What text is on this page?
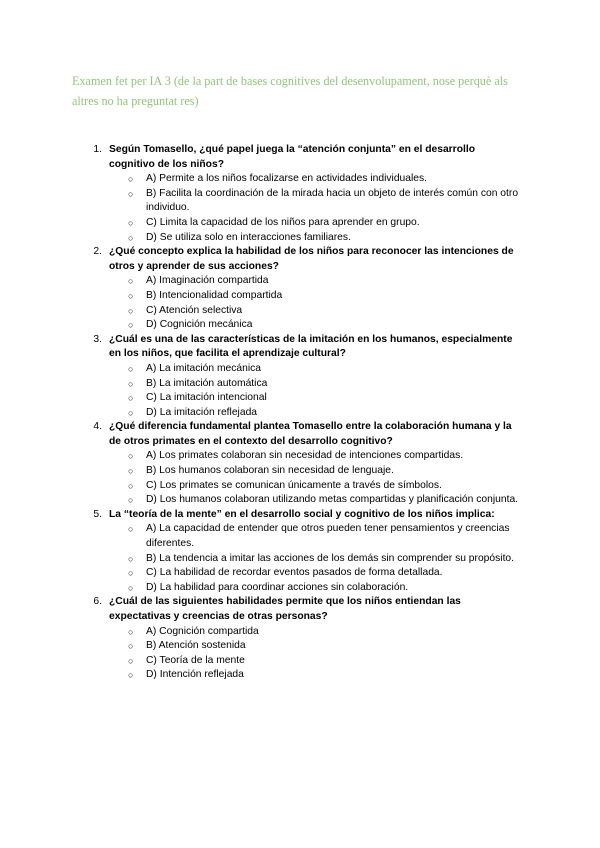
Examen fet per IA 3 (de la part de bases cognitives del desenvolupament, nose perquè als altres no ha preguntat res)
1. Según Tomasello, ¿qué papel juega la “atención conjunta” en el desarrollo cognitivo de los niños?
○ A) Permite a los niños focalizarse en actividades individuales.
○ B) Facilita la coordinación de la mirada hacia un objeto de interés común con otro individuo.
○ C) Limita la capacidad de los niños para aprender en grupo.
○ D) Se utiliza solo en interacciones familiares.
2. ¿Qué concepto explica la habilidad de los niños para reconocer las intenciones de otros y aprender de sus acciones?
○ A) Imaginación compartida
○ B) Intencionalidad compartida
○ C) Atención selectiva
○ D) Cognición mecánica
3. ¿Cuál es una de las características de la imitación en los humanos, especialmente en los niños, que facilita el aprendizaje cultural?
○ A) La imitación mecánica
○ B) La imitación automática
○ C) La imitación intencional
○ D) La imitación reflejada
4. ¿Qué diferencia fundamental plantea Tomasello entre la colaboración humana y la de otros primates en el contexto del desarrollo cognitivo?
○ A) Los primates colaboran sin necesidad de intenciones compartidas.
○ B) Los humanos colaboran sin necesidad de lenguaje.
○ C) Los primates se comunican únicamente a través de símbolos.
○ D) Los humanos colaboran utilizando metas compartidas y planificación conjunta.
5. La “teoría de la mente” en el desarrollo social y cognitivo de los niños implica:
○ A) La capacidad de entender que otros pueden tener pensamientos y creencias diferentes.
○ B) La tendencia a imitar las acciones de los demás sin comprender su propósito.
○ C) La habilidad de recordar eventos pasados de forma detallada.
○ D) La habilidad para coordinar acciones sin colaboración.
6. ¿Cuál de las siguientes habilidades permite que los niños entiendan las expectativas y creencias de otras personas?
○ A) Cognición compartida
○ B) Atención sostenida
○ C) Teoría de la mente
○ D) Intención reflejada
